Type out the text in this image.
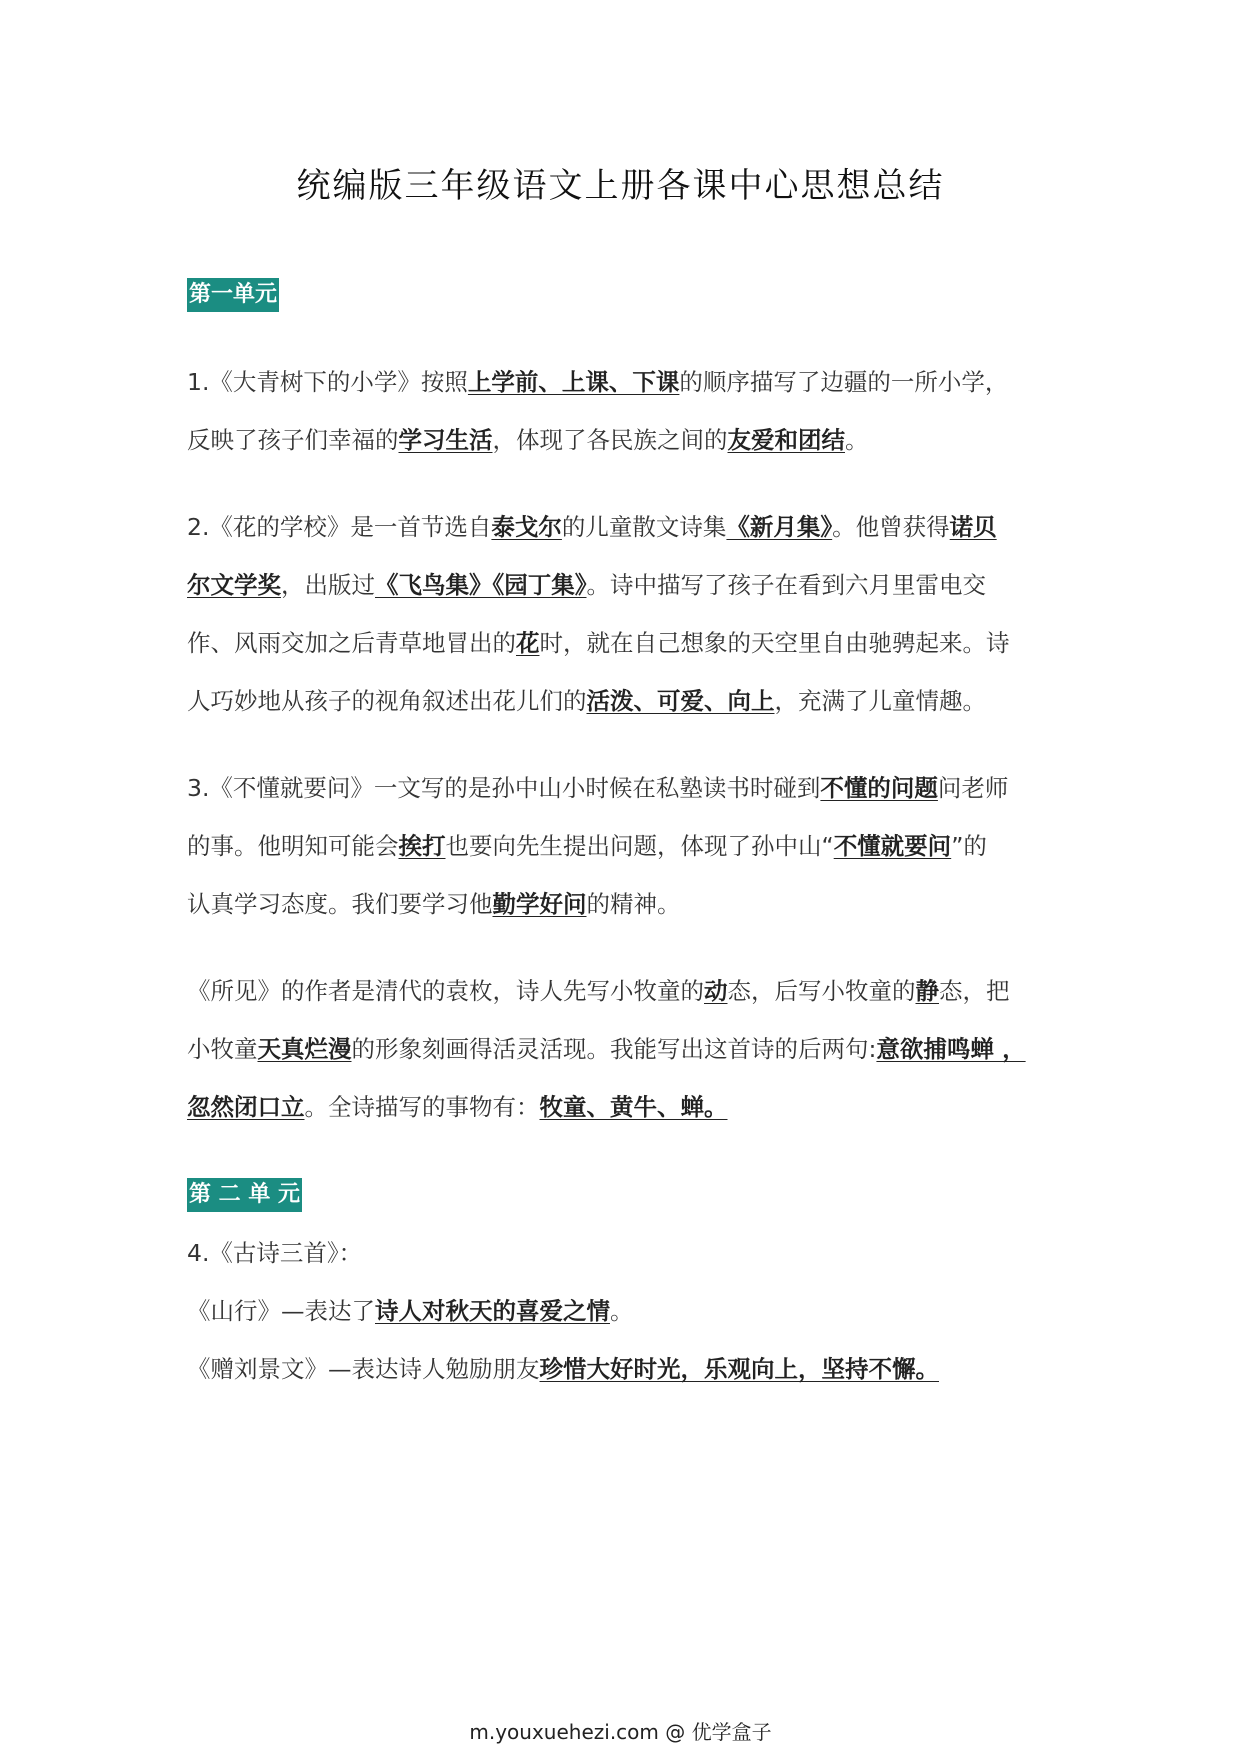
统编版三年级语文上册各课中心思想总结
第一单元
1.《大青树下的小学》按照上学前、上课、下课的顺序描写了边疆的一所小学，
反映了孩子们幸福的学习生活，体现了各民族之间的友爱和团结。
2.《花的学校》是一首节选自泰戈尔的儿童散文诗集《新月集》。他曾获得诺贝
尔文学奖，出版过《飞鸟集》《园丁集》。诗中描写了孩子在看到六月里雷电交
作、风雨交加之后青草地冒出的花时，就在自己想象的天空里自由驰骋起来。诗
人巧妙地从孩子的视角叙述出花儿们的活泼、可爱、向上，充满了儿童情趣。
3.《不懂就要问》一文写的是孙中山小时候在私塾读书时碰到不懂的问题问老师
的事。他明知可能会挨打也要向先生提出问题，体现了孙中山“不懂就要问”的
认真学习态度。我们要学习他勤学好问的精神。
《所见》的作者是清代的袁枚，诗人先写小牧童的动态，后写小牧童的静态，把
小牧童天真烂漫的形象刻画得活灵活现。我能写出这首诗的后两句:意欲捕鸣蝉 ，
忽然闭口立。全诗描写的事物有：牧童、黄牛、蝉。
第 二 单 元
4.《古诗三首》：
《山行》—表达了诗人对秋天的喜爱之情。
《赠刘景文》—表达诗人勉励朋友珍惜大好时光，乐观向上，坚持不懈。
m.youxuehezi.com @ 优学盒子
